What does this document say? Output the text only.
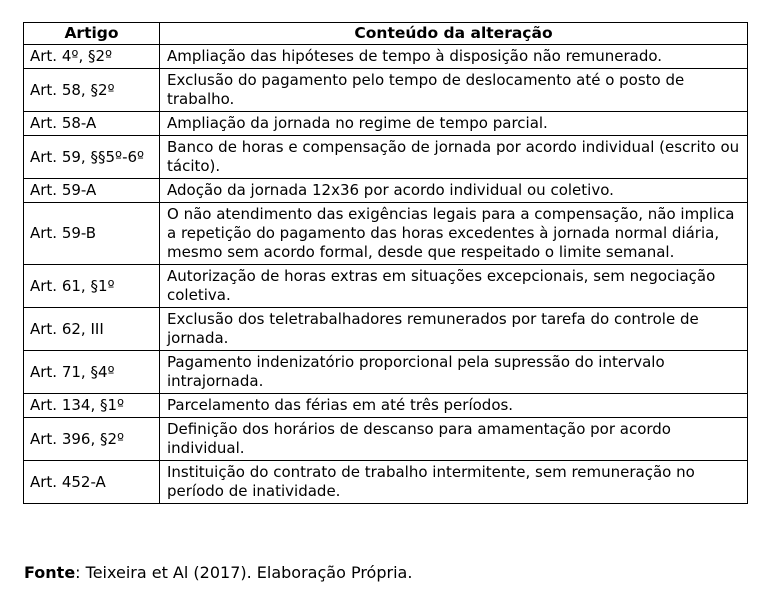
Artigo	Conteúdo da alteração
Art. 4º, §2º	Ampliação das hipóteses de tempo à disposição não remunerado.
Art. 58, §2º	Exclusão do pagamento pelo tempo de deslocamento até o posto de trabalho.
Art. 58-A	Ampliação da jornada no regime de tempo parcial.
Art. 59, §§5º-6º	Banco de horas e compensação de jornada por acordo individual (escrito ou tácito).
Art. 59-A	Adoção da jornada 12x36 por acordo individual ou coletivo.
Art. 59-B	O não atendimento das exigências legais para a compensação, não implica a repetição do pagamento das horas excedentes à jornada normal diária, mesmo sem acordo formal, desde que respeitado o limite semanal.
Art. 61, §1º	Autorização de horas extras em situações excepcionais, sem negociação coletiva.
Art. 62, III	Exclusão dos teletrabalhadores remunerados por tarefa do controle de jornada.
Art. 71, §4º	Pagamento indenizatório proporcional pela supressão do intervalo intrajornada.
Art. 134, §1º	Parcelamento das férias em até três períodos.
Art. 396, §2º	Definição dos horários de descanso para amamentação por acordo individual.
Art. 452-A	Instituição do contrato de trabalho intermitente, sem remuneração no período de inatividade.
Fonte: Teixeira et Al (2017). Elaboração Própria.
